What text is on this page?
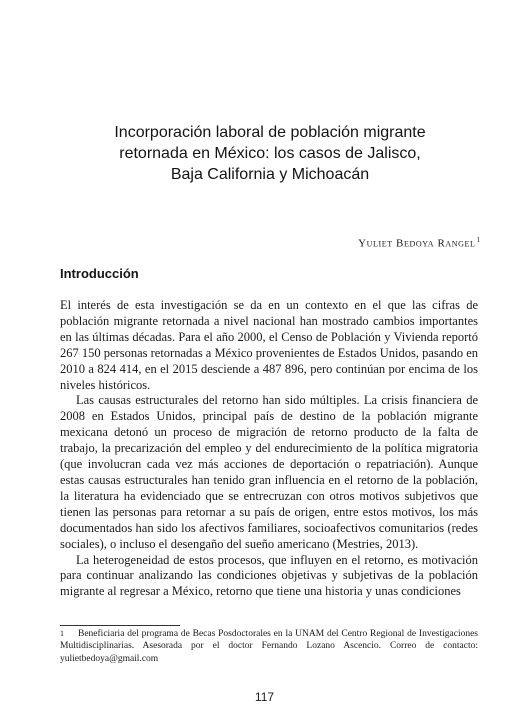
Incorporación laboral de población migrante
retornada en México: los casos de Jalisco,
Baja California y Michoacán
Yuliet Bedoya Rangel$^1$
Introducción

El interés de esta investigación se da en un contexto en el que las cifras de población migrante retornada a nivel nacional han mostrado cambios importantes en las últimas décadas. Para el año 2000, el Censo de Población y Vivienda reportó 267 150 personas retornadas a México provenientes de Estados Unidos, pasando en 2010 a 824 414, en el 2015 desciende a 487 896, pero continúan por encima de los niveles históricos.

Las causas estructurales del retorno han sido múltiples. La crisis financiera de 2008 en Estados Unidos, principal país de destino de la población migrante mexicana detonó un proceso de migración de retorno producto de la falta de trabajo, la precarización del empleo y del endurecimiento de la política migratoria (que involucran cada vez más acciones de deportación o repatriación). Aunque estas causas estructurales han tenido gran influencia en el retorno de la población, la literatura ha evidenciado que se entrecruzan con otros motivos subjetivos que tienen las personas para retornar a su país de origen, entre estos motivos, los más documentados han sido los afectivos familiares, socioafectivos comunitarios (redes sociales), o incluso el desengaño del sueño americano (Mestries, 2013).

La heterogeneidad de estos procesos, que influyen en el retorno, es motivación para continuar analizando las condiciones objetivas y subjetivas de la población migrante al regresar a México, retorno que tiene una historia y unas condiciones

1 Beneficiaria del programa de Becas Posdoctorales en la UNAM del Centro Regional de Investigaciones Multidisciplinarias. Asesorada por el doctor Fernando Lozano Ascencio. Correo de contacto: yulietbedoya@gmail.com
117
